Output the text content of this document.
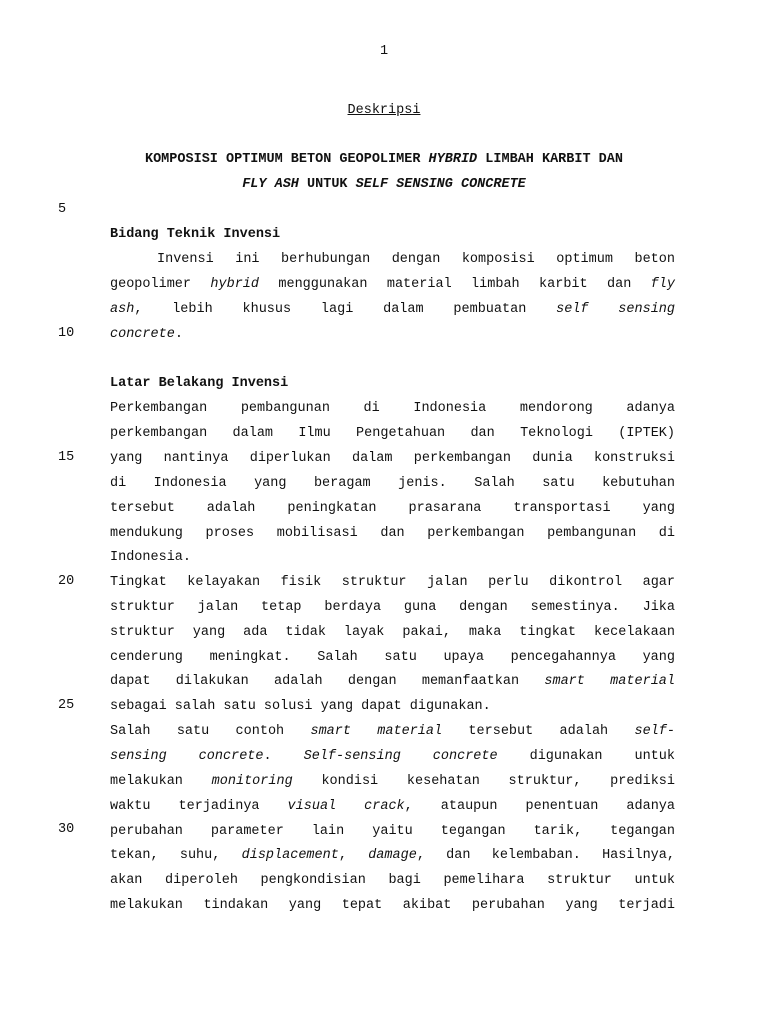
1
Deskripsi
KOMPOSISI OPTIMUM BETON GEOPOLIMER HYBRID LIMBAH KARBIT DAN
FLY ASH UNTUK SELF SENSING CONCRETE
5
10
15
20
25
30
Bidang Teknik Invensi
Invensi ini berhubungan dengan komposisi optimum beton
geopolimer hybrid menggunakan material limbah karbit dan fly
ash, lebih khusus lagi dalam pembuatan self sensing
concrete.
Latar Belakang Invensi
Perkembangan pembangunan di Indonesia mendorong adanya
perkembangan dalam Ilmu Pengetahuan dan Teknologi (IPTEK)
yang nantinya diperlukan dalam perkembangan dunia konstruksi
di Indonesia yang beragam jenis. Salah satu kebutuhan
tersebut adalah peningkatan prasarana transportasi yang
mendukung proses mobilisasi dan perkembangan pembangunan di
Indonesia.
Tingkat kelayakan fisik struktur jalan perlu dikontrol agar
struktur jalan tetap berdaya guna dengan semestinya. Jika
struktur yang ada tidak layak pakai, maka tingkat kecelakaan
cenderung meningkat. Salah satu upaya pencegahannya yang
dapat dilakukan adalah dengan memanfaatkan smart material
sebagai salah satu solusi yang dapat digunakan.
Salah satu contoh smart material tersebut adalah self-
sensing concrete. Self-sensing concrete digunakan untuk
melakukan monitoring kondisi kesehatan struktur, prediksi
waktu terjadinya visual crack, ataupun penentuan adanya
perubahan parameter lain yaitu tegangan tarik, tegangan
tekan, suhu, displacement, damage, dan kelembaban. Hasilnya,
akan diperoleh pengkondisian bagi pemelihara struktur untuk
melakukan tindakan yang tepat akibat perubahan yang terjadi
